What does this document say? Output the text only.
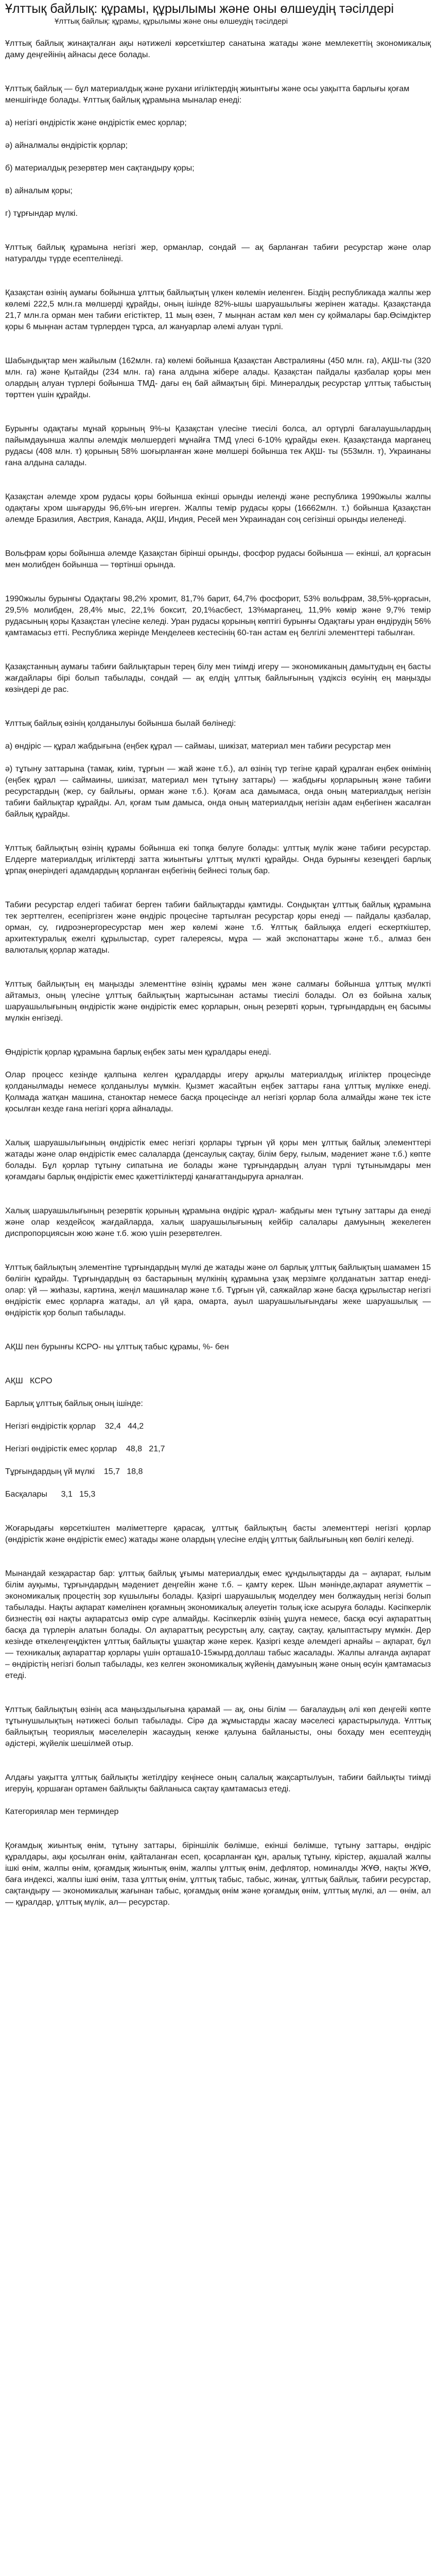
Ұлттық байлық: құрамы, құрылымы және оны өлшеудің тәсілдері
Ұлттық байлық: құрамы, құрылымы және оны өлшеудің тәсілдері

Ұлттық байлық жинақталған ақы нәтижелі көрсеткіштер санатына жатады және мемлекеттің экономикалық даму деңгейінің айнасы десе болады.

Ұлттық байлық — бұл материалдық және рухани игіліктердің жиынтығы және осы уақытта барлығы қоғам меншігінде болады. Ұлттық байлық құрамына мыналар енеді:

a) негізгі өндірістік және өндірістік емес қорлар;

ә) айналмалы өндірістік қорлар;

б) материалдық резервтер мен сақтандыру қоры;

в) айналым қоры;

г) тұрғындар мүлкі.

Ұлттық байлық құрамына негізгі жер, орманлар, сондай — ақ барланған табиғи ресурстар және олар натуралды түрде есептелінеді.

Қазақстан өзінің аумағы бойынша ұлттық байлықтың үлкен көлемін иеленген. Біздің республикада жалпы жер көлемі 222,5 млн.га мөлшерді құрайды, оның ішінде 82%-ышы шаруашылығы жерінен жатады. Қазақстанда 21,7 млн.га орман мен табиғи егістіктер, 11 мың өзен, 7 мыңнан астам көл мен су қоймалары бар.Өсімдіктер қоры 6 мыңнан астам түрлерден тұрса, ал жануарлар әлемі алуан түрлі.

Шабындықтар мен жайылым (162млн. га) көлемі бойынша Қазақстан Австралияны (450 млн. га), АҚШ-ты (320 млн. га) және Қытайды (234 млн. га) ғана алдына жібере алады. Қазақстан пайдалы қазбалар қоры мен олардың алуан түрлері бойынша ТМД- дағы ең бай аймақтың бірі. Минералдық ресурстар ұлттық табыстың төрттен үшін құрайды.

Бурынғы одақтағы мұнай қорының 9%-ы Қазақстан үлесіне тиесілі болса, ал ортүрлі бағалаушылардың пайымдауынша жалпы әлемдік мөлшердегі мұнайға ТМД үлесі 6-10% құрайды екен. Қазақстанда марганец рудасы (408 млн. т) қорының 58% шоғырланған және мөлшері бойынша тек АҚШ- ты (553млн. т), Украинаны ғана алдына салады.

Қазақстан әлемде хром рудасы қоры бойынша екінші орынды иеленді және республика 1990жылы жалпы одақтағы хром шығаруды 96,6%-ын игерген. Жалпы темір рудасы қоры (16662млн. т.) бойынша Қазақстан әлемде Бразилия, Австрия, Канада, АҚШ, Индия, Ресей мен Украинадан соң сегізінші орынды иеленеді.

Вольфрам қоры бойынша әлемде Қазақстан бірінші орынды, фосфор рудасы бойынша — екінші, ал қорғасын мен молибден бойынша — төртінші орында.

1990жылы бурынғы Одақтағы 98,2% хромит, 81,7% барит, 64,7% фосфорит, 53% вольфрам, 38,5%-қорғасын, 29,5% молибден, 28,4% мыс, 22,1% боксит, 20,1%асбест, 13%марганец, 11,9% көмір және 9,7% темір рудасының қоры Қазақстан үлесіне келеді. Уран рудасы қорының көптігі бурынғы Одақтағы уран өндірудің 56% қамтамасыз етті. Республика жерінде Менделеев кестесінің 60-тан астам ең белгілі элементтері табылған.

Қазақстанның аумағы табиғи байлықтарын терең білу мен тиімді игеру — экономиканың дамытудың ең басты жағдайлары бірі болып табылады, сондай — ақ елдің ұлттық байлығының үздіксіз өсуінің ең маңызды көзіндері де рас.

Ұлттық байлық өзінің қолданылуы бойынша былай бөлінеді:

а) өндіріс — құрал жабдығына (еңбек құрал — саймаы, шикізат, материал мен табиғи ресурстар мен

ә) тұтыну заттарына (тамақ, киім, тұрғын — жай және т.б.), ал өзінің түр тегіне қарай құралған еңбек өнімінің (еңбек құрал — саймаины, шикізат, материал мен тұтыну заттары) — жабдығы қорларының және табиғи ресурстардың (жер, су байлығы, орман және т.б.). Қоғам аса дамымаса, онда оның материалдық негізін табиғи байлықтар құрайды. Ал, қоғам тым дамыса, онда оның материалдық негізін адам еңбегінен жасалған байлық құрайды.

Ұлттық байлықтың өзінің құрамы бойынша екі топқа бөлуге болады: ұлттық мүлік және табиғи ресурстар. Елдерге материалдық игіліктерді затта жиынтығы ұлттық мүлкті құрайды. Онда бурынғы кезеңдегі барлық ұрпақ өнеріндегі адамдардың қорланған еңбегінің бейнесі толық бар.

Табиғи ресурстар елдегі табиғат берген табиғи байлықтарды қамтиды. Сондықтан ұлттық байлық құрамына тек зерттелген, есепіргізген және өндіріс процесіне тартылған ресурстар қоры енеді — пайдалы қазбалар, орман, су, гидроэнергоресурстар мен жер көлемі және т.б. Ұлттық байлыққа елдегі ескерткіштер, архитектуралық ежелгі құрылыстар, сурет галереясы, мұра — жай экспонаттары және т.б., алмаз бен валюталық қорлар жатады.

Ұлттық байлықтың ең маңызды элементтіне өзінің құрамы мен және салмағы бойынша ұлттық мүлкті айтамыз, оның үлесіне ұлттық байлықтың жартысынан астамы тиесілі болады. Ол өз бойына халық шаруашылығының өндірістік және өндірістік емес қорларын, оның резервті қорын, тұрғындардың ең басымы мүлкін енгізеді.

Өндірістік қорлар құрамына барлық еңбек заты мен құралдары енеді.

Олар процесс кезінде қалпына келген құралдарды игеру арқылы материалдық игіліктер процесінде қолданылмады немесе қолданылуы мүмкін. Қызмет жасайтын еңбек заттары ғана ұлттық мүлікке енеді. Қолмада жатқан машина, станоктар немесе басқа процесінде ал негізгі қорлар бола алмайды және тек істе қосылған кезде ғана негізгі қорға айналады.

Халық шаруашылығының өндірістік емес негізгі қорлары тұрғын үй қоры мен ұлттық байлық элементтері жатады және олар өндірістік емес салаларда (денсаулық сақтау, білім беру, ғылым, мәдениет және т.б.) көпте болады. Бұл қорлар тұтыну сипатына ие болады және тұрғындардың алуан түрлі тұтынымдары мен қоғамдағы барлық өндірістік емес қажеттіліктерді қанағаттандыруға арналған.

Халық шаруашылығының резервтік қорының құрамына өндіріс құрал- жабдығы мен тұтыну заттары да енеді және олар кездейсоқ жағдайларда, халық шаруашылығының кейбір салалары дамуының жекелеген диспропорциясын жою және т.б. жою үшін резервтелген.

Ұлттық байлықтың элементіне тұрғындардың мүлкі де жатады және ол барлық ұлттық байлықтың шамамен 15 бөлігін құрайды. Тұрғындардың өз бастарының мүлкінің құрамына ұзақ мерзімге қолданатын заттар енеді- олар: үй — жиһазы, картина, жеңіл машиналар және т.б. Тұрғын үй, саяжайлар және басқа құрылыстар негізгі өндірістік емес қорларға жатады, ал үй қара, омарта, ауыл шаруашылығындағы жеке шаруашылық — өндірістік қор болып табылады.

АҚШ пен бурынғы КСРО- ны ұлттық табыс құрамы, %- бен

АҚШ   КСРО

Барлық ұлттық байлық оның ішінде:

Негізгі өндірістік қорлар    32,4   44,2

Негізгі өндірістік емес қорлар    48,8   21,7

Тұрғындардың үй мүлкі    15,7   18,8

Басқалары      3,1   15,3

Жоғарыдағы көрсеткіштен мәліметтерге қарасақ, ұлттық байлықтың басты элементтері негізгі қорлар (өндірістік және өндірістік емес) жатады және олардың үлесіне елдің ұлттық байлығының көп бөлігі келеді.

Мынандай кезқарастар бар: ұлттық байлық ұғымы материалдық емес құндылықтарды да – ақпарат, ғылым білім ауқымы, тұрғындардың мәдениет деңгейін және т.б. – қамту керек. Шын мәнінде,ақпарат аяуметтік – экономикалық процестің зор күшылығы болады. Қазіргі шаруашылық моделдеу мен болжаудың негізі болып табылады. Нақты ақпарат кәмелінен қоғамның экономикалық әлеуетін толық іске асыруға болады. Кәсіпкерлік бизнестің өзі нақты ақпаратсыз өмір сүре алмайды. Кәсіпкерлік өзінің ұшуға немесе, басқа өсуі ақпараттың басқа да түрлерін алатын болады. Ол ақпараттық ресурстың алу, сақтау, сақтау, қалыптастыру мүмкін. Дер кезінде өткелеңгеңдіктен ұлттық байлықты ұшақтар және керек. Қазіргі кезде әлемдегі арнайы – ақпарат, бұл — техникалық ақпараттар қорлары үшін орташа10-15жырд.доллаш табыс жасалады. Жалпы алғанда ақпарат – өндірістің негізгі болып табылады, кез келген экономикалық жүйенің дамуының және оның өсуін қамтамасыз етеді.

Ұлттық байлықтың өзінің аса маңыздылығына қарамай — ақ, оны білім — бағалаудың әлі көп деңгейі көпте тұтынушылықтың нәтижесі болып табылады. Сірә да жұмыстарды жасау мәселесі қарастырылуда. Ұлттық байлықтың теориялық мәселелерін жасаудың кенже қалуына байланысты, оны бохаду мен есептеудің әдістері, жүйелік шешілмей отыр.

Алдағы уақытта ұлттық байлықты жетілдіру кеңінесе оның салалық жақсартылуын, табиғи байлықты тиімді игеруің, қоршаған ортамен байлықты байланыса сақтау қамтамасыз етеді.

Категориялар мен терминдер

Қоғамдық жиынтық өнім, тұтыну заттары, біріншілік бөлімше, екінші бөлімше, тұтыну заттары, өндіріс құралдары, ақы қосылған өнім, қайталанған есеп, қосарланған құн, аралық тұтыну, кірістер, ақшалай жалпы ішкі өнім, жалпы өнім, қоғамдық жиынтық өнім, жалпы ұлттық өнім, дефлятор, номиналды ЖҰӨ, нақты ЖҰӨ, баға индексі, жалпы ішкі өнім, таза ұлттық өнім, ұлттық табыс, табыс, жинақ, ұлттық байлық, табиғи ресурстар, сақтандыру — экономикалық жағынан табыс, қоғамдық өнім және қоғамдық өнім, ұлттық мүлкі, ал — өнім, ал — құралдар, ұлттық мүлік, ал— ресурстар.
